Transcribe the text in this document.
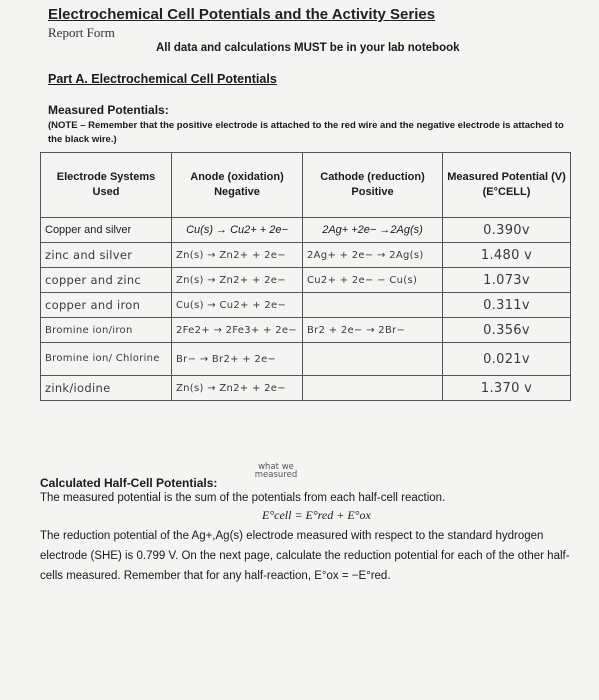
Electrochemical Cell Potentials and the Activity Series
Report Form
All data and calculations MUST be in your lab notebook
Part A. Electrochemical Cell Potentials
Measured Potentials:
(NOTE – Remember that the positive electrode is attached to the red wire and the negative electrode is attached to the black wire.)
Electrode Systems Used	Anode (oxidation) Negative	Cathode (reduction) Positive	Measured Potential (V) (E°CELL)
Copper and silver	Cu(s) → Cu2+ + 2e−	2Ag+ +2e− →2Ag(s)	0.390v
zinc and silver	Zn(s) → Zn2+ + 2e−	2Ag+ + 2e− → 2Ag(s)	1.480 v
copper and zinc	Zn(s) → Zn2+ + 2e−	Cu2+ + 2e− − Cu(s)	1.073v
copper and iron	Cu(s) → Cu2+ + 2e−		0.311v
Bromine ion/iron	2Fe2+ → 2Fe3+ + 2e−	Br2 + 2e− → 2Br−	0.356v
Bromine ion/ Chlorine	Br− → Br2+ + 2e−		0.021v
zink/iodine	Zn(s) → Zn2+ + 2e−		1.370 v
what we measured
Calculated Half-Cell Potentials:
The measured potential is the sum of the potentials from each half-cell reaction.
E°cell = E°red + E°ox
The reduction potential of the Ag+,Ag(s) electrode measured with respect to the standard hydrogen electrode (SHE) is 0.799 V. On the next page, calculate the reduction potential for each of the other half-cells measured. Remember that for any half-reaction, E°ox = −E°red.
